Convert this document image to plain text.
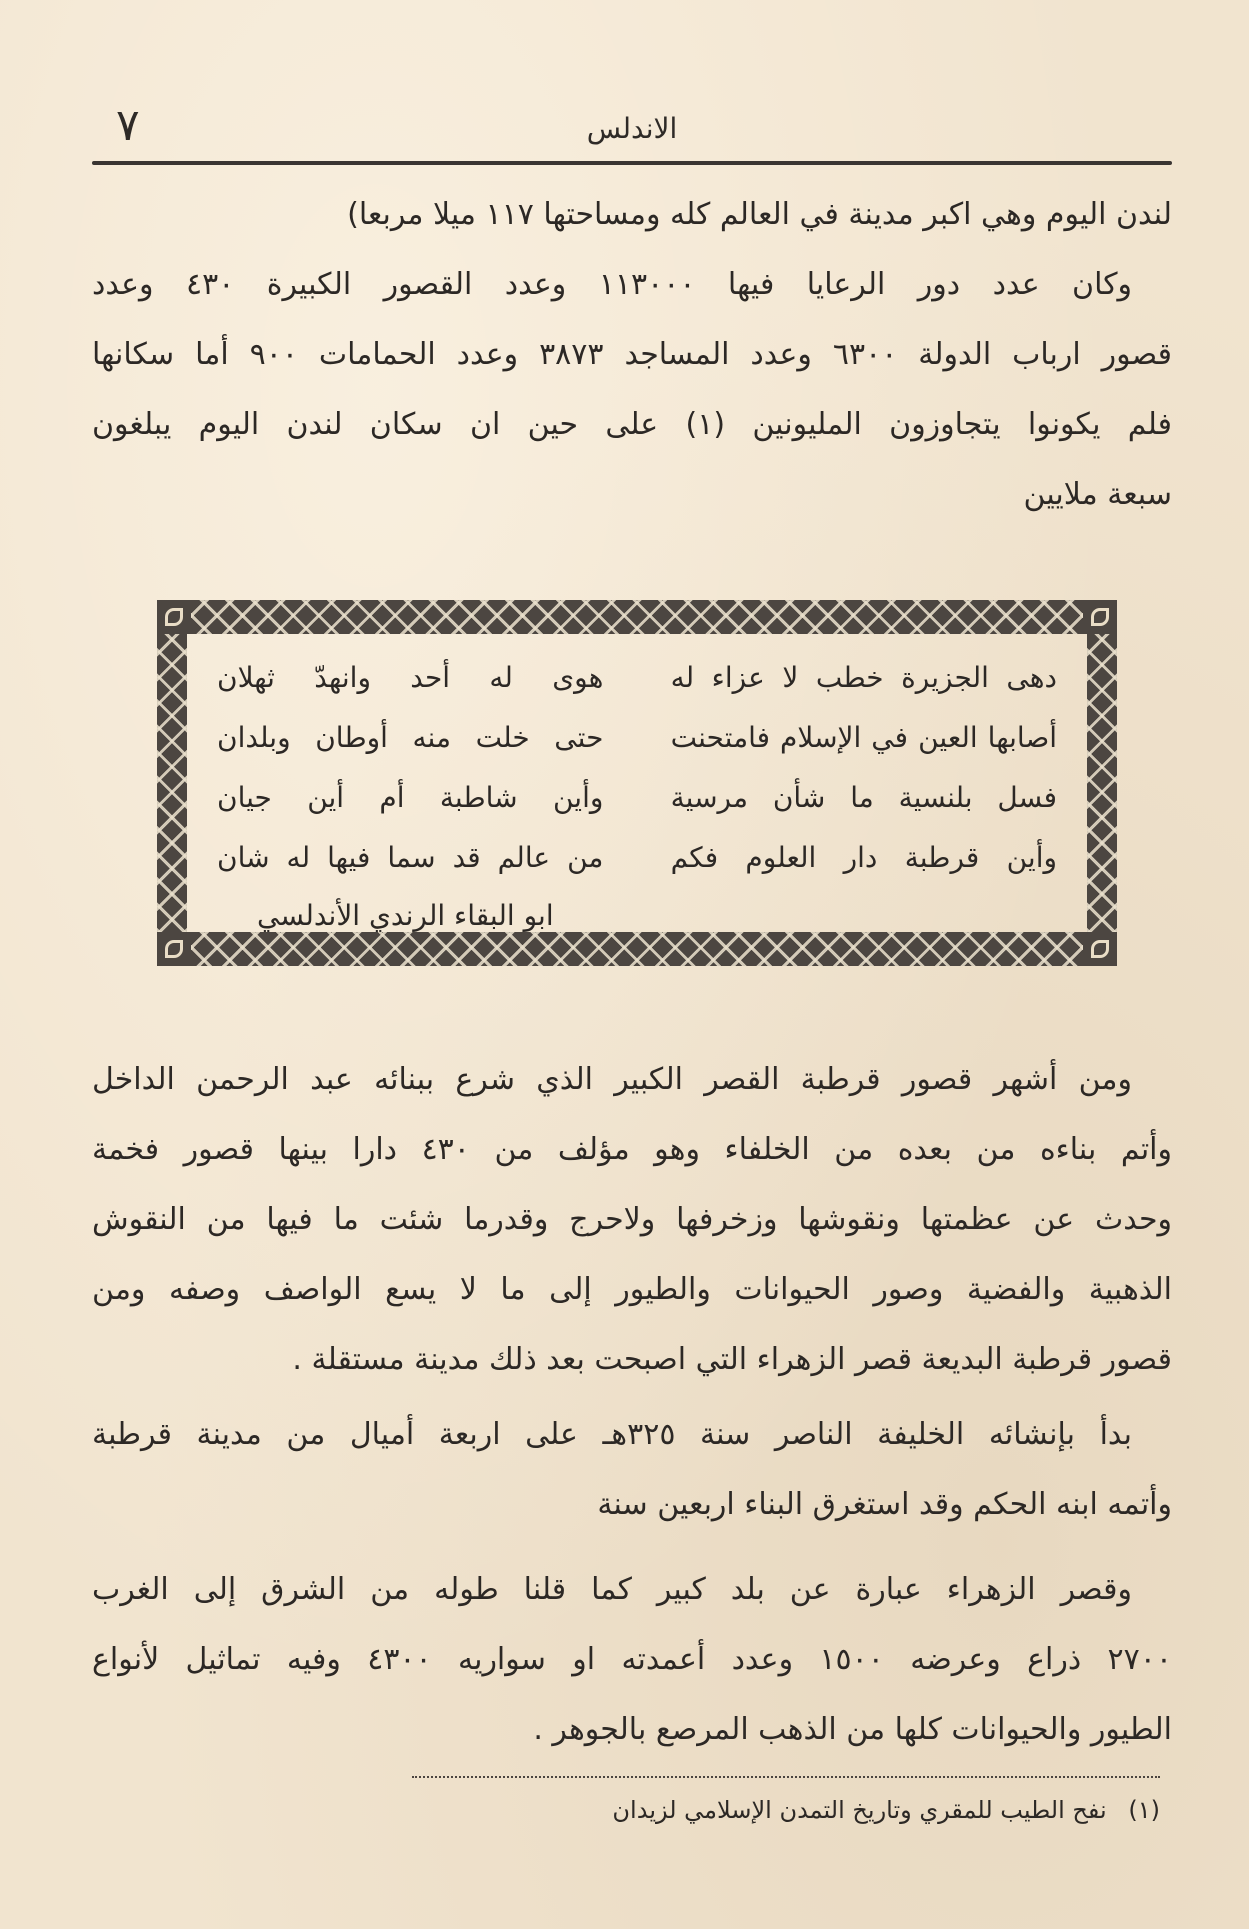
٧	الاندلس
لندن اليوم وهي اكبر مدينة في العالم كله ومساحتها ١١٧ ميلا مربعا)
وكان عدد دور الرعايا فيها ١١٣٠٠٠ وعدد القصور الكبيرة ٤٣٠ وعدد
قصور ارباب الدولة ٦٣٠٠ وعدد المساجد ٣٨٧٣ وعدد الحمامات ٩٠٠ أما سكانها
فلم يكونوا يتجاوزون المليونين (١) على حين ان سكان لندن اليوم يبلغون
سبعة ملايين
دهى الجزيرة خطب لا عزاء له
هوى له أحد وانهدّ ثهلان
أصابها العين في الإسلام فامتحنت
حتى خلت منه أوطان وبلدان
فسل بلنسية ما شأن مرسية
وأين شاطبة أم أين جيان
وأين قرطبة دار العلوم فكم
من عالم قد سما فيها له شان
ابو البقاء الرندي الأندلسي
ومن أشهر قصور قرطبة القصر الكبير الذي شرع ببنائه عبد الرحمن الداخل
وأتم بناءه من بعده من الخلفاء وهو مؤلف من ٤٣٠ دارا بينها قصور فخمة
وحدث عن عظمتها ونقوشها وزخرفها ولاحرج وقدرما شئت ما فيها من النقوش
الذهبية والفضية وصور الحيوانات والطيور إلى ما لا يسع الواصف وصفه ومن
قصور قرطبة البديعة قصر الزهراء التي اصبحت بعد ذلك مدينة مستقلة .
بدأ بإنشائه الخليفة الناصر سنة ٣٢٥هـ على اربعة أميال من مدينة قرطبة
وأتمه ابنه الحكم وقد استغرق البناء اربعين سنة
وقصر الزهراء عبارة عن بلد كبير كما قلنا طوله من الشرق إلى الغرب
٢٧٠٠ ذراع وعرضه ١٥٠٠ وعدد أعمدته او سواريه ٤٣٠٠ وفيه تماثيل لأنواع
الطيور والحيوانات كلها من الذهب المرصع بالجوهر .
(١) نفح الطيب للمقري وتاريخ التمدن الإسلامي لزيدان
